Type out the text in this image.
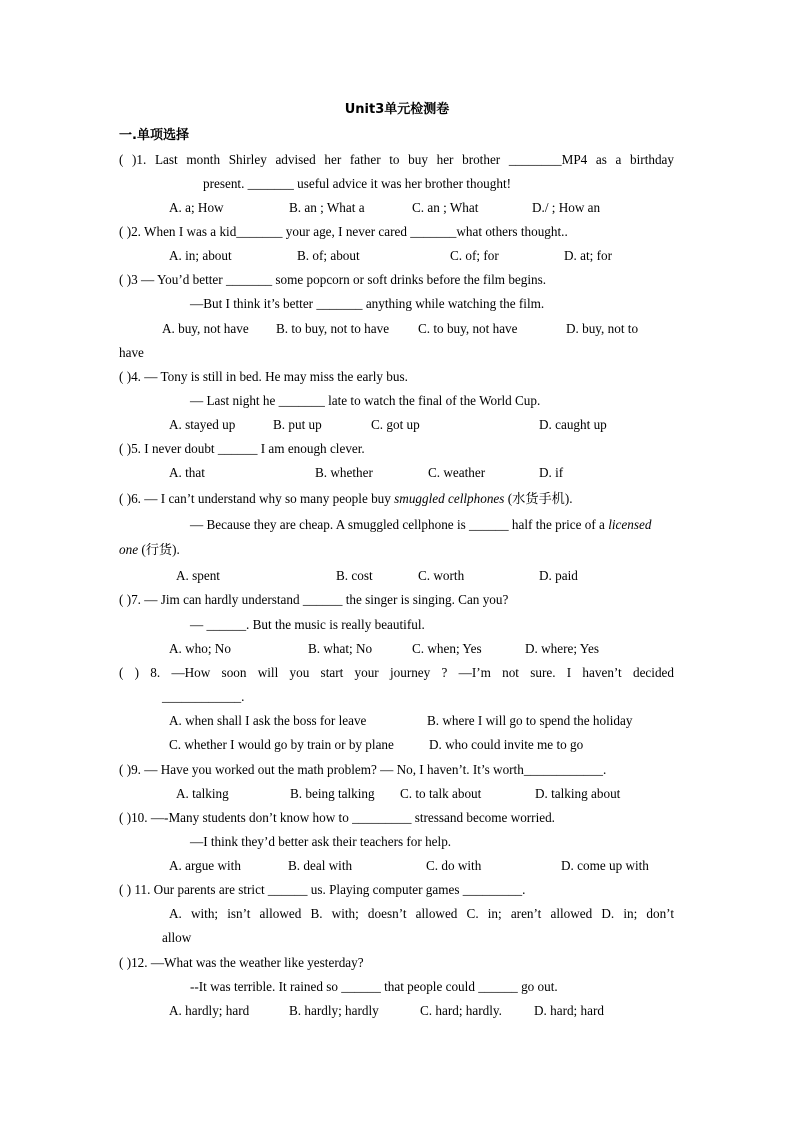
Unit3单元检测卷
一.单项选择
( )1. Last month Shirley advised her father to buy her brother ________MP4 as a birthday
present. _______ useful advice it was her brother thought!
A. a; How	B. an ; What a	C. an ; What	D./ ; How an
( )2. When I was a kid_______ your age, I never cared _______what others thought..
A. in; about	B. of; about	C. of; for	D. at; for
( )3 — You’d better _______ some popcorn or soft drinks before the film begins.
—But I think it’s better _______ anything while watching the film.
A. buy, not have B. to buy, not to have C. to buy, not have	D. buy, not to
have
( )4. — Tony is still in bed. He may miss the early bus.
— Last night he _______ late to watch the final of the World Cup.
A. stayed up	B. put up	C. got up	D. caught up
( )5. I never doubt ______ I am enough clever.
A. that	B. whether	C. weather	D. if
( )6. — I can’t understand why so many people buy smuggled cellphones (水货手机).
— Because they are cheap. A smuggled cellphone is ______ half the price of a licensed
one (行货).
A. spent	B. cost	C. worth	D. paid
( )7. — Jim can hardly understand ______ the singer is singing. Can you?
— ______. But the music is really beautiful.
A. who; No	B. what; No	C. when; Yes	D. where; Yes
( ) 8. —How soon will you start your journey ? —I’m not sure. I haven’t decided
____________.
A. when shall I ask the boss for leave	B. where I will go to spend the holiday
C. whether I would go by train or by plane	D. who could invite me to go
( )9. — Have you worked out the math problem? — No, I haven’t. It’s worth____________.
A. talking	B. being talking C. to talk about	D. talking about
( )10. —-Many students don’t know how to _________ stressand become worried.
—I think they’d better ask their teachers for help.
A. argue with	B. deal with	C. do with	D. come up with
( ) 11. Our parents are strict ______ us. Playing computer games _________.
A. with; isn’t allowed B. with; doesn’t allowed C. in; aren’t allowed D. in; don’t
allow
( )12. —What was the weather like yesterday?
--It was terrible. It rained so ______ that people could ______ go out.
A. hardly; hard	B. hardly; hardly	C. hard; hardly. D. hard; hard
